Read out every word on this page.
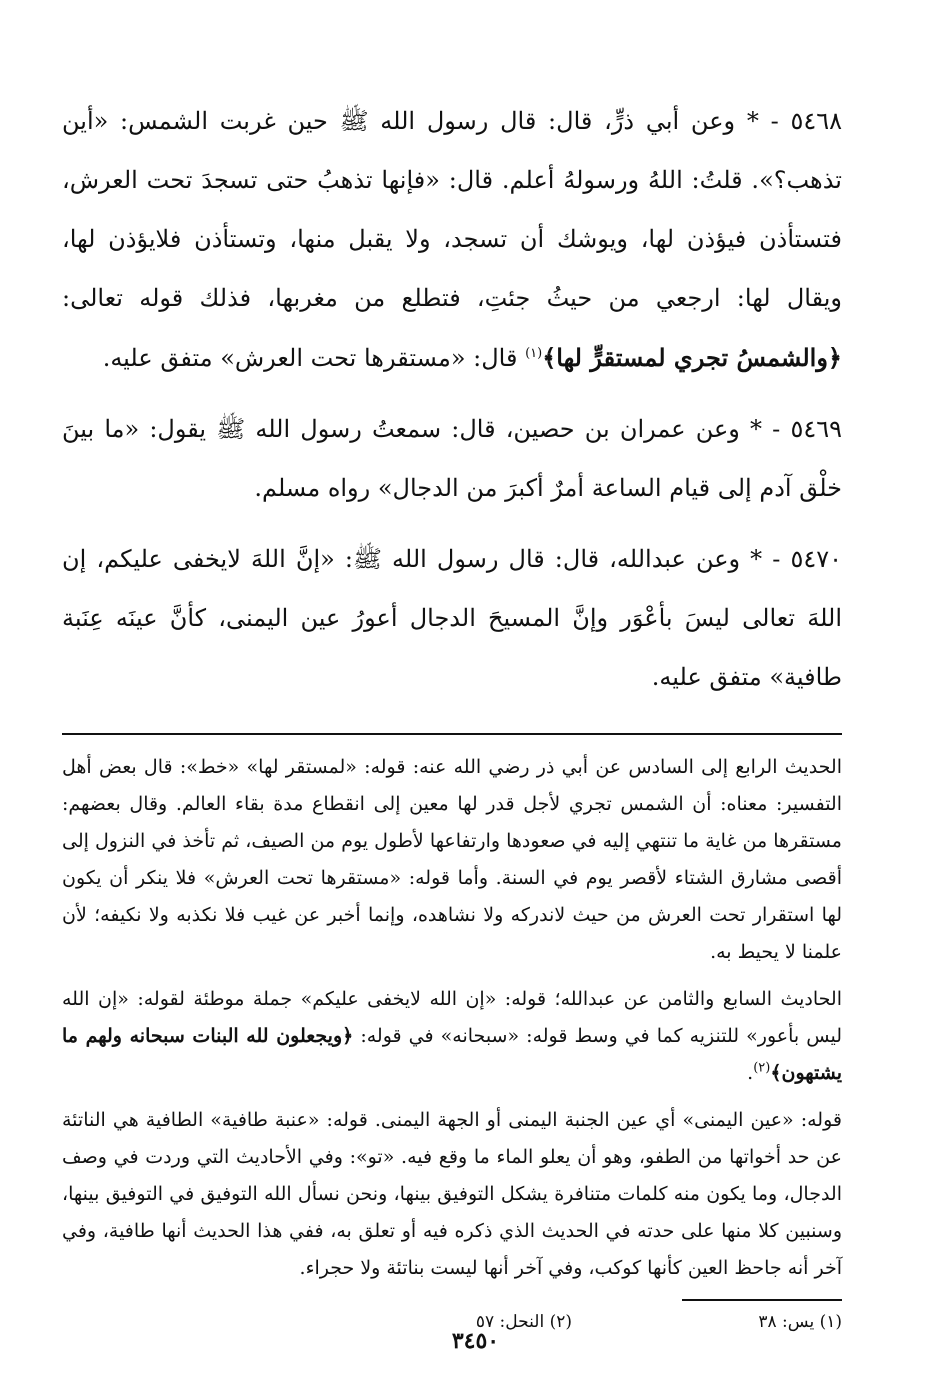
٥٤٦٨ - * وعن أبي ذرٍّ، قال: قال رسول الله ﷺ حين غربت الشمس: «أين تذهب؟». قلتُ: اللهُ ورسولهُ أعلم. قال: «فإنها تذهبُ حتى تسجدَ تحت العرش، فتستأذن فيؤذن لها، ويوشك أن تسجد، ولا يقبل منها، وتستأذن فلايؤذن لها، ويقال لها: ارجعي من حيثُ جئتِ، فتطلع من مغربها، فذلك قوله تعالى: ﴿والشمسُ تجري لمستقرٍّ لها﴾$^{(١)}$ قال: «مستقرها تحت العرش» متفق عليه.

٥٤٦٩ - * وعن عمران بن حصين، قال: سمعتُ رسول الله ﷺ يقول: «ما بينَ خلْق آدم إلى قيام الساعة أمرٌ أكبرَ من الدجال» رواه مسلم.

٥٤٧٠ - * وعن عبدالله، قال: قال رسول الله ﷺ: «إنَّ اللهَ لايخفى عليكم، إن اللهَ تعالى ليسَ بأعْوَر وإنَّ المسيحَ الدجال أعورُ عين اليمنى، كأنَّ عينَه عِنَبة طافية» متفق عليه.

الحديث الرابع إلى السادس عن أبي ذر رضي الله عنه: قوله: «لمستقر لها» «خط»: قال بعض أهل التفسير: معناه: أن الشمس تجري لأجل قدر لها معين إلى انقطاع مدة بقاء العالم. وقال بعضهم: مستقرها من غاية ما تنتهي إليه في صعودها وارتفاعها لأطول يوم من الصيف، ثم تأخذ في النزول إلى أقصى مشارق الشتاء لأقصر يوم في السنة. وأما قوله: «مستقرها تحت العرش» فلا ينكر أن يكون لها استقرار تحت العرش من حيث لاندركه ولا نشاهده، وإنما أخبر عن غيب فلا نكذبه ولا نكيفه؛ لأن علمنا لا يحيط به.

الحاديث السابع والثامن عن عبدالله؛ قوله: «إن الله لايخفى عليكم» جملة موطئة لقوله: «إن الله ليس بأعور» للتنزيه كما في وسط قوله: «سبحانه» في قوله: ﴿ويجعلون لله البنات سبحانه ولهم ما يشتهون﴾$^{(٢)}$.

قوله: «عين اليمنى» أي عين الجنبة اليمنى أو الجهة اليمنى. قوله: «عنبة طافية» الطافية هي الناتئة عن حد أخواتها من الطفو، وهو أن يعلو الماء ما وقع فيه. «تو»: وفي الأحاديث التي وردت في وصف الدجال، وما يكون منه كلمات متنافرة يشكل التوفيق بينها، ونحن نسأل الله التوفيق في التوفيق بينها، وسنبين كلا منها على حدته في الحديث الذي ذكره فيه أو تعلق به، ففي هذا الحديث أنها طافية، وفي آخر أنه جاحظ العين كأنها كوكب، وفي آخر أنها ليست بناتئة ولا حجراء.

(١) يس: ٣٨
(٢) النحل: ٥٧
٣٤٥٠
